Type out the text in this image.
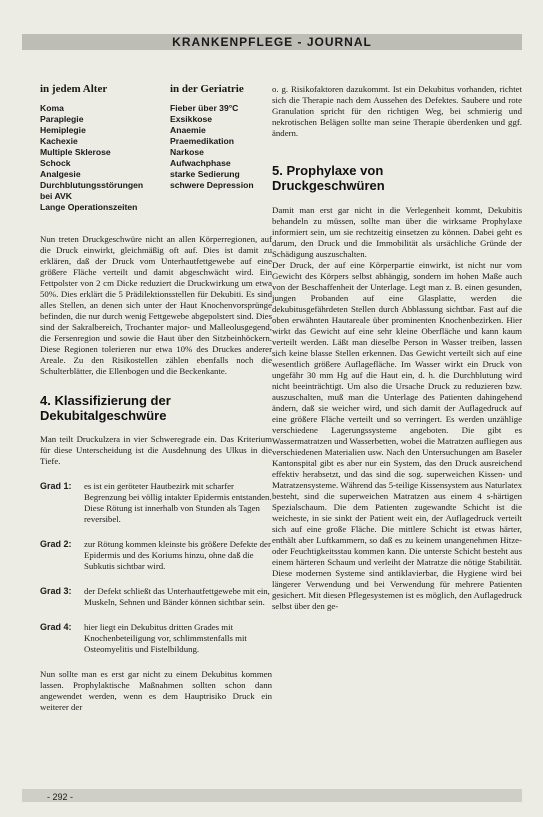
KRANKENPFLEGE - JOURNAL
in jedem Alter
Koma
Paraplegie
Hemiplegie
Kachexie
Multiple Sklerose
Schock
Analgesie
Durchblutungsstörungen
bei AVK
Lange Operationszeiten
in der Geriatrie
Fieber über 39°C
Exsikkose
Anaemie
Praemedikation
Narkose
Aufwachphase
starke Sedierung
schwere Depression

Nun treten Druckgeschwüre nicht an allen Körperregionen, auf die Druck einwirkt, gleichmäßig oft auf. Dies ist damit zu erklären, daß der Druck vom Unterhautfettgewebe auf eine größere Fläche verteilt und damit abgeschwächt wird. Ein Fettpolster von 2 cm Dicke reduziert die Druckwirkung um etwa 50%. Dies erklärt die 5 Prädilektionsstellen für Dekubiti. Es sind alles Stellen, an denen sich unter der Haut Knochenvorsprünge befinden, die nur durch wenig Fettgewebe abgepolstert sind. Dies sind der Sakralbereich, Trochanter major- und Malleolusgegend, die Fersenregion und sowie die Haut über den Sitzbeinhöckern. Diese Regionen tolerieren nur etwa 10% des Druckes anderer Areale. Zu den Risikostellen zählen ebenfalls noch die Schulterblätter, die Ellenbogen und die Beckenkante.

4. Klassifizierung der Dekubitalgeschwüre

Man teilt Druckulzera in vier Schweregrade ein. Das Kriterium für diese Unterscheidung ist die Ausdehnung des Ulkus in die Tiefe.

Grad 1: es ist ein geröteter Hautbezirk mit scharfer Begrenzung bei völlig intakter Epidermis entstanden. Diese Rötung ist innerhalb von Stunden als Tagen reversibel.
Grad 2: zur Rötung kommen kleinste bis größere Defekte der Epidermis und des Koriums hinzu, ohne daß die Subkutis sichtbar wird.
Grad 3: der Defekt schließt das Unterhautfettgewebe mit ein, Muskeln, Sehnen und Bänder können sichtbar sein.
Grad 4: hier liegt ein Dekubitus dritten Grades mit Knochenbeteiligung vor, schlimmstenfalls mit Osteomyelitis und Fistelbildung.

Nun sollte man es erst gar nicht zu einem Dekubitus kommen lassen. Prophylaktische Maßnahmen sollten schon dann angewendet werden, wenn es dem Hauptrisiko Druck ein weiterer der

o. g. Risikofaktoren dazukommt. Ist ein Dekubitus vorhanden, richtet sich die Therapie nach dem Aussehen des Defektes. Saubere und rote Granulation spricht für den richtigen Weg, bei schmierig und nekrotischen Belägen sollte man seine Therapie überdenken und ggf. ändern.

5. Prophylaxe von Druckgeschwüren

Damit man erst gar nicht in die Verlegenheit kommt, Dekubitis behandeln zu müssen, sollte man über die wirksame Prophylaxe informiert sein, um sie rechtzeitig einsetzen zu können. Dabei geht es darum, den Druck und die Immobilität als ursächliche Gründe der Schädigung auszuschalten.

Der Druck, der auf eine Körperpartie einwirkt, ist nicht nur vom Gewicht des Körpers selbst abhängig, sondern im hohen Maße auch von der Beschaffenheit der Unterlage. Legt man z. B. einen gesunden, jungen Probanden auf eine Glasplatte, werden die dekubitusgefährdeten Stellen durch Abblassung sichtbar. Fast auf die oben erwähnten Hautareale über prominenten Knochenbezirken. Hier wirkt das Gewicht auf eine sehr kleine Oberfläche und kann kaum verteilt werden. Läßt man dieselbe Person in Wasser treiben, lassen sich keine blasse Stellen erkennen. Das Gewicht verteilt sich auf eine wesentlich größere Auflagefläche. Im Wasser wirkt ein Druck von ungefähr 30 mm Hg auf die Haut ein, d. h. die Durchblutung wird nicht beeinträchtigt. Um also die Ursache Druck zu reduzieren bzw. auszuschalten, muß man die Unterlage des Patienten dahingehend ändern, daß sie weicher wird, und sich damit der Auflagedruck auf eine größere Fläche verteilt und so verringert. Es werden unzählige verschiedene Lagerungssysteme angeboten. Die gibt es Wassermatratzen und Wasserbetten, wobei die Matratzen aufliegen aus verschiedenen Materialien usw. Nach den Untersuchungen am Baseler Kantonspital gibt es aber nur ein System, das den Druck ausreichend effektiv herabsetzt, und das sind die sog. superweichen Kissen- und Matratzensysteme. Während das 5-teilige Kissensystem aus Naturlatex besteht, sind die superweichen Matratzen aus einem 4 s-härtigen Spezialschaum. Die dem Patienten zugewandte Schicht ist die weicheste, in sie sinkt der Patient weit ein, der Auflagedruck verteilt sich auf eine große Fläche. Die mittlere Schicht ist etwas härter, enthält aber Luftkammern, so daß es zu keinem unangenehmen Hitze- oder Feuchtigkeitsstau kommen kann. Die unterste Schicht besteht aus einem härteren Schaum und verleiht der Matratze die nötige Stabilität. Diese modernen Systeme sind antiklavierbar, die Hygiene wird bei längerer Verwendung und bei Verwendung für mehrere Patienten gesichert. Mit diesen Pflegesystemen ist es möglich, den Auflagedruck selbst über den ge-

- 292 -
